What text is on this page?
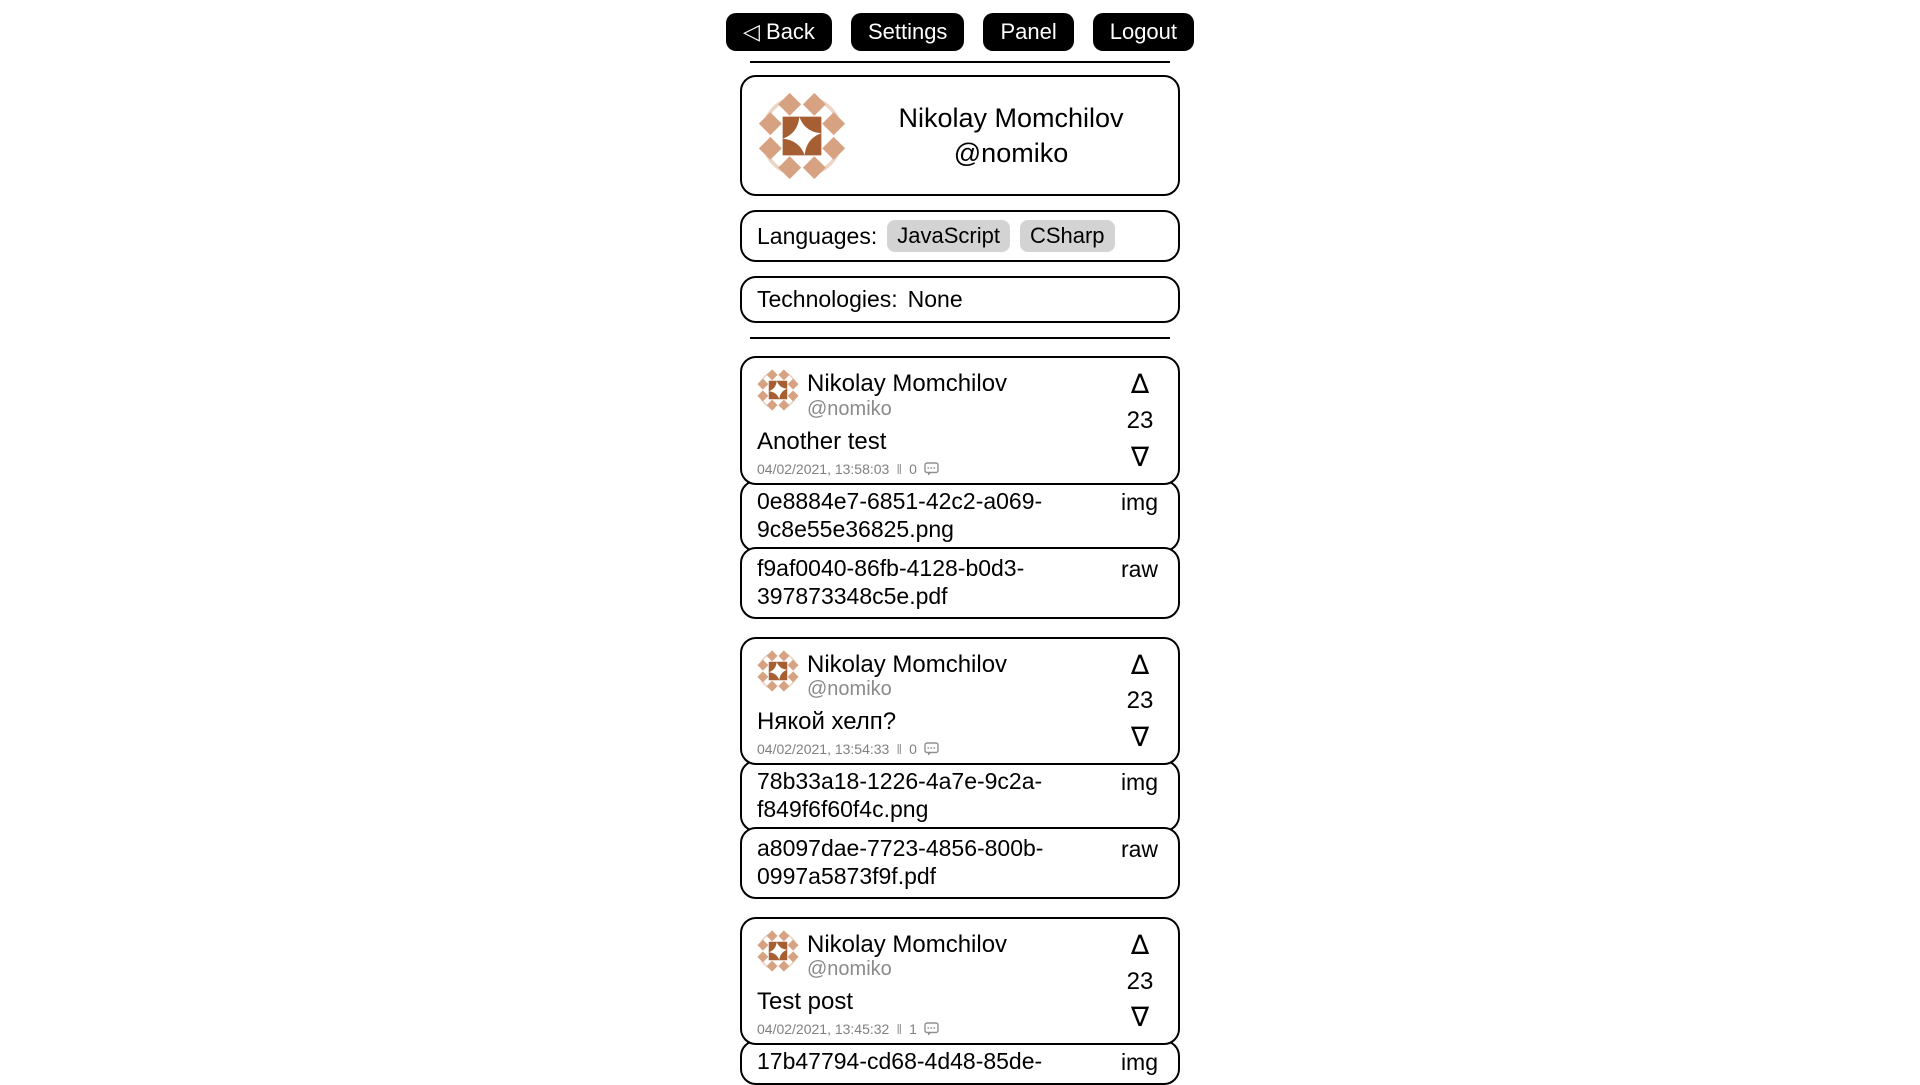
◁ Back	Settings	Panel	Logout
Nikolay Momchilov
@nomiko
Languages: JavaScript	CSharp
Technologies: None
Nikolay Momchilov
@nomiko
Another test
04/02/2021, 13:58:03 ‖ 0
∆
23
∇
0e8884e7-6851-42c2-a069-9c8e55e36825.png
img
f9af0040-86fb-4128-b0d3-397873348c5e.pdf
raw
Nikolay Momchilov
@nomiko
Някой хелп?
04/02/2021, 13:54:33 ‖ 0
∆
23
∇
78b33a18-1226-4a7e-9c2a-f849f6f60f4c.png
img
a8097dae-7723-4856-800b-0997a5873f9f.pdf
raw
Nikolay Momchilov
@nomiko
Test post
04/02/2021, 13:45:32 ‖ 1
∆
23
∇
17b47794-cd68-4d48-85de-	img
